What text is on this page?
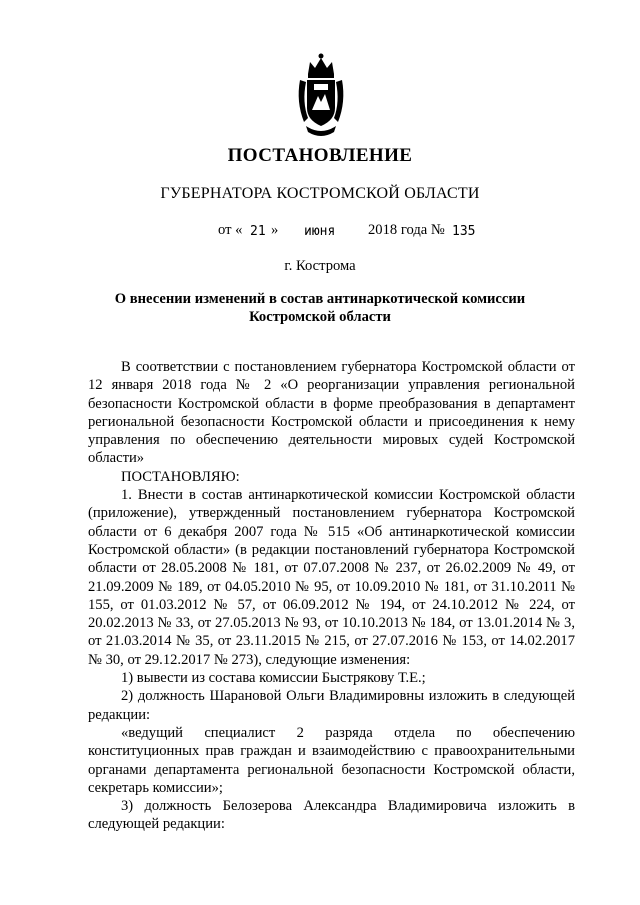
ПОСТАНОВЛЕНИЕ
ГУБЕРНАТОРА КОСТРОМСКОЙ ОБЛАСТИ
от « 21 » июня 2018 года № 135
г. Кострома
О внесении изменений в состав антинаркотической комиссии
Костромской области

В соответствии с постановлением губернатора Костромской области от 12 января 2018 года № 2 «О реорганизации управления региональной безопасности Костромской области в форме преобразования в департамент региональной безопасности Костромской области и присоединения к нему управления по обеспечению деятельности мировых судей Костромской области»

ПОСТАНОВЛЯЮ:

1. Внести в состав антинаркотической комиссии Костромской области (приложение), утвержденный постановлением губернатора Костромской области от 6 декабря 2007 года № 515 «Об антинаркотической комиссии Костромской области» (в редакции постановлений губернатора Костромской области от 28.05.2008 № 181, от 07.07.2008 № 237, от 26.02.2009 № 49, от 21.09.2009 № 189, от 04.05.2010 № 95, от 10.09.2010 № 181, от 31.10.2011 № 155, от 01.03.2012 № 57, от 06.09.2012 № 194, от 24.10.2012 № 224, от 20.02.2013 № 33, от 27.05.2013 № 93, от 10.10.2013 № 184, от 13.01.2014 № 3, от 21.03.2014 № 35, от 23.11.2015 № 215, от 27.07.2016 № 153, от 14.02.2017 № 30, от 29.12.2017 № 273), следующие изменения:

1) вывести из состава комиссии Быстрякову Т.Е.;

2) должность Шарановой Ольги Владимировны изложить в следующей редакции:

«ведущий специалист 2 разряда отдела по обеспечению конституционных прав граждан и взаимодействию с правоохранительными органами департамента региональной безопасности Костромской области, секретарь комиссии»;

3) должность Белозерова Александра Владимировича изложить в следующей редакции:
